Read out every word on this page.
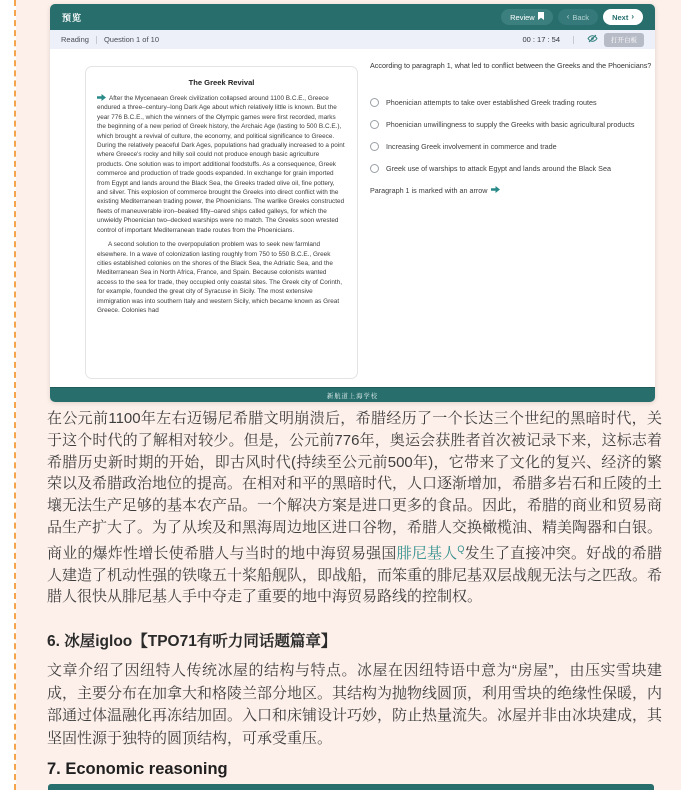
预览	Review	‹ Back	Next ›
Reading Question 1 of 10	00 : 17 : 54	打开白板
The Greek Revival

After the Mycenaean Greek civilization collapsed around 1100 B.C.E., Greece endured a three–century–long Dark Age about which relatively little is known. But the year 776 B.C.E., which the winners of the Olympic games were first recorded, marks the beginning of a new period of Greek history, the Archaic Age (lasting to 500 B.C.E.), which brought a revival of culture, the economy, and political significance to Greece. During the relatively peaceful Dark Ages, populations had gradually increased to a point where Greece's rocky and hilly soil could not produce enough basic agriculture products. One solution was to import additional foodstuffs. As a consequence, Greek commerce and production of trade goods expanded. In exchange for grain imported from Egypt and lands around the Black Sea, the Greeks traded olive oil, fine pottery, and silver. This explosion of commerce brought the Greeks into direct conflict with the existing Mediterranean trading power, the Phoenicians. The warlike Greeks constructed fleets of maneuverable iron–beaked fifty–oared ships called galleys, for which the unwieldy Phoenician two–decked warships were no match. The Greeks soon wrested control of important Mediterranean trade routes from the Phoenicians.

A second solution to the overpopulation problem was to seek new farmland elsewhere. In a wave of colonization lasting roughly from 750 to 550 B.C.E., Greek cities established colonies on the shores of the Black Sea, the Adriatic Sea, and the Mediterranean Sea in North Africa, France, and Spain. Because colonists wanted access to the sea for trade, they occupied only coastal sites. The Greek city of Corinth, for example, founded the great city of Syracuse in Sicily. The most extensive immigration was into southern Italy and western Sicily, which became known as Great Greece. Colonies had

According to paragraph 1, what led to conflict between the Greeks and the Phoenicians?
Phoenician attempts to take over established Greek trading routes
Phoenician unwillingness to supply the Greeks with basic agricultural products
Increasing Greek involvement in commerce and trade
Greek use of warships to attack Egypt and lands around the Black Sea
Paragraph 1 is marked with an arrow
新航道上海学校
在公元前1100年左右迈锡尼希腊文明崩溃后，希腊经历了一个长达三个世纪的黑暗时代，关于这个时代的了解相对较少。但是，公元前776年，奥运会获胜者首次被记录下来，这标志着希腊历史新时期的开始，即古风时代(持续至公元前500年)，它带来了文化的复兴、经济的繁荣以及希腊政治地位的提高。在相对和平的黑暗时代，人口逐渐增加，希腊多岩石和丘陵的土壤无法生产足够的基本农产品。一个解决方案是进口更多的食品。因此，希腊的商业和贸易商品生产扩大了。为了从埃及和黑海周边地区进口谷物，希腊人交换橄榄油、精美陶器和白银。商业的爆炸性增长使希腊人与当时的地中海贸易强国腓尼基人$^Q$发生了直接冲突。好战的希腊人建造了机动性强的铁喙五十桨船舰队，即战船，而笨重的腓尼基双层战舰无法与之匹敌。希腊人很快从腓尼基人手中夺走了重要的地中海贸易路线的控制权。
6. 冰屋igloo【TPO71有听力同话题篇章】
文章介绍了因纽特人传统冰屋的结构与特点。冰屋在因纽特语中意为“房屋”，由压实雪块建成，主要分布在加拿大和格陵兰部分地区。其结构为抛物线圆顶，利用雪块的绝缘性保暖，内部通过体温融化再冻结加固。入口和床铺设计巧妙，防止热量流失。冰屋并非由冰块建成，其坚固性源于独特的圆顶结构，可承受重压。
7. Economic reasoning
